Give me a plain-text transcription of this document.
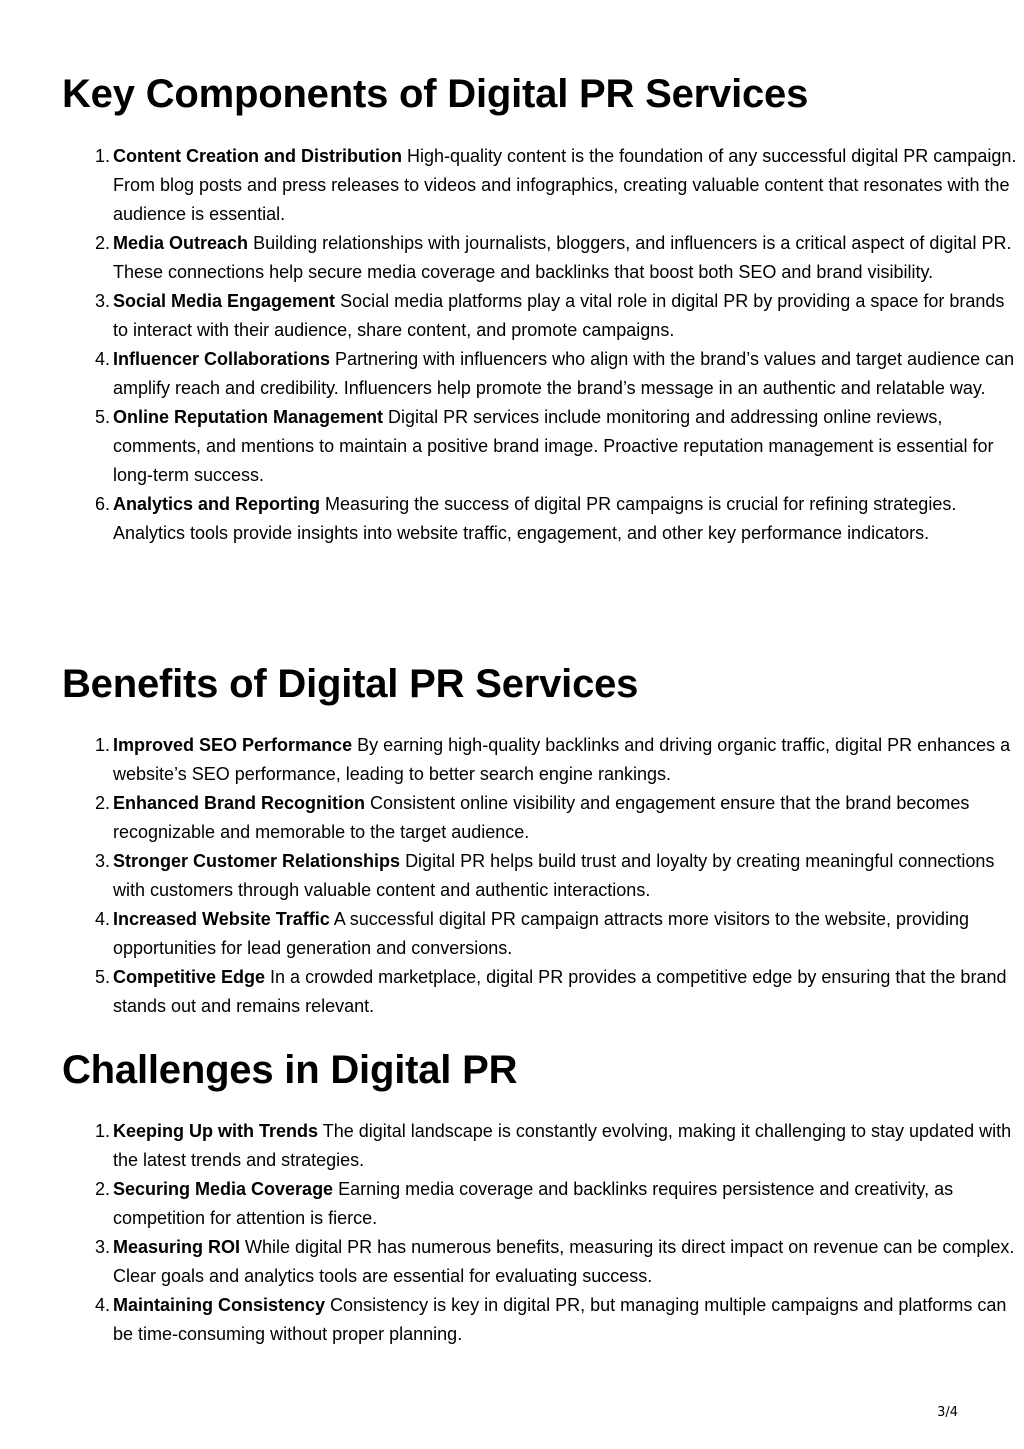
Key Components of Digital PR Services
1. Content Creation and Distribution High-quality content is the foundation of any successful digital PR campaign. From blog posts and press releases to videos and infographics, creating valuable content that resonates with the audience is essential.
2. Media Outreach Building relationships with journalists, bloggers, and influencers is a critical aspect of digital PR. These connections help secure media coverage and backlinks that boost both SEO and brand visibility.
3. Social Media Engagement Social media platforms play a vital role in digital PR by providing a space for brands to interact with their audience, share content, and promote campaigns.
4. Influencer Collaborations Partnering with influencers who align with the brand’s values and target audience can amplify reach and credibility. Influencers help promote the brand’s message in an authentic and relatable way.
5. Online Reputation Management Digital PR services include monitoring and addressing online reviews, comments, and mentions to maintain a positive brand image. Proactive reputation management is essential for long-term success.
6. Analytics and Reporting Measuring the success of digital PR campaigns is crucial for refining strategies. Analytics tools provide insights into website traffic, engagement, and other key performance indicators.
Benefits of Digital PR Services
1. Improved SEO Performance By earning high-quality backlinks and driving organic traffic, digital PR enhances a website’s SEO performance, leading to better search engine rankings.
2. Enhanced Brand Recognition Consistent online visibility and engagement ensure that the brand becomes recognizable and memorable to the target audience.
3. Stronger Customer Relationships Digital PR helps build trust and loyalty by creating meaningful connections with customers through valuable content and authentic interactions.
4. Increased Website Traffic A successful digital PR campaign attracts more visitors to the website, providing opportunities for lead generation and conversions.
5. Competitive Edge In a crowded marketplace, digital PR provides a competitive edge by ensuring that the brand stands out and remains relevant.
Challenges in Digital PR
1. Keeping Up with Trends The digital landscape is constantly evolving, making it challenging to stay updated with the latest trends and strategies.
2. Securing Media Coverage Earning media coverage and backlinks requires persistence and creativity, as competition for attention is fierce.
3. Measuring ROI While digital PR has numerous benefits, measuring its direct impact on revenue can be complex. Clear goals and analytics tools are essential for evaluating success.
4. Maintaining Consistency Consistency is key in digital PR, but managing multiple campaigns and platforms can be time-consuming without proper planning.
3/4
